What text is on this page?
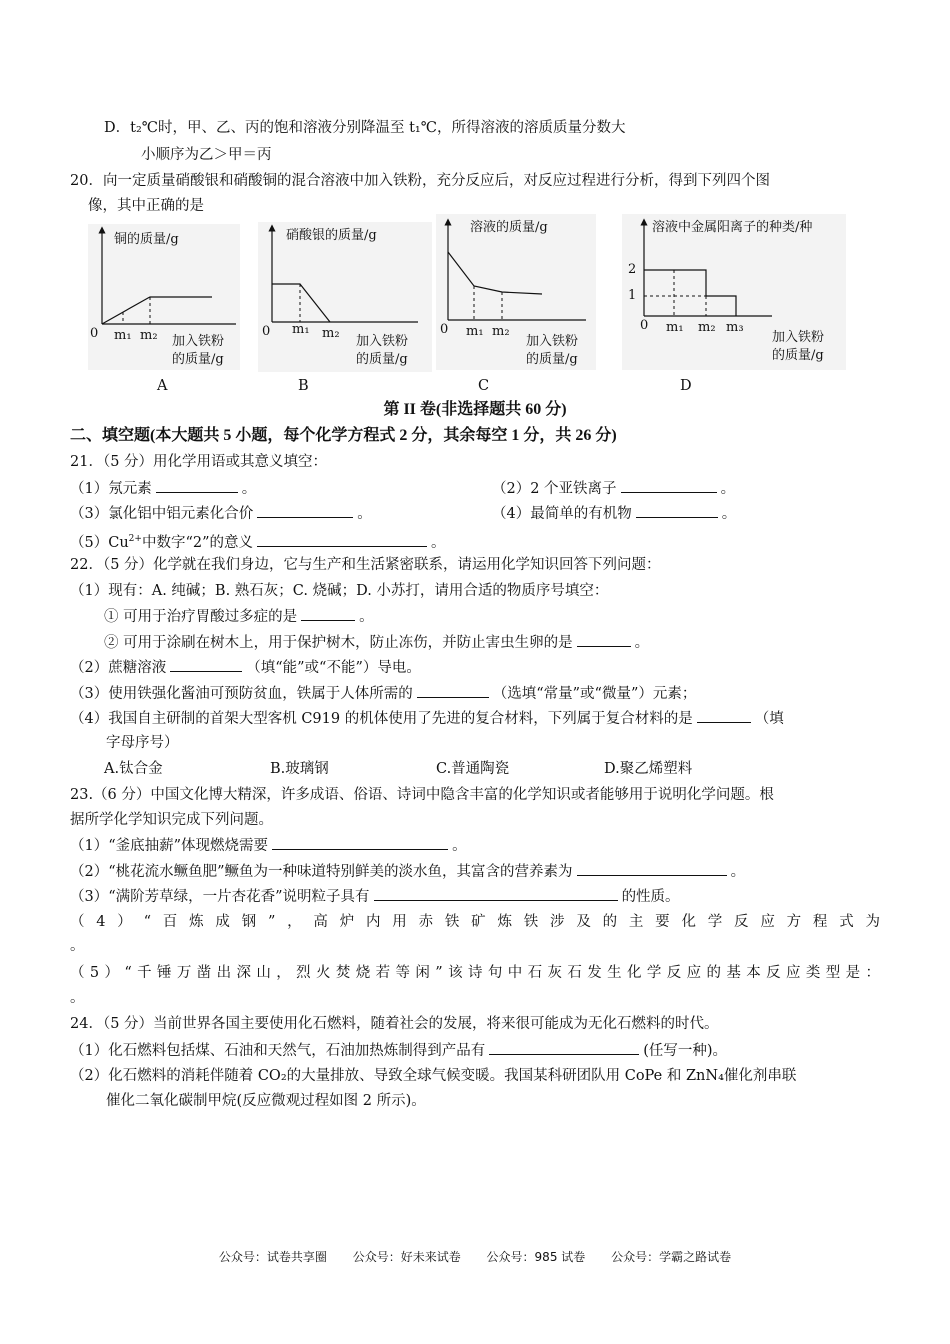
D．t₂℃时，甲、乙、丙的饱和溶液分别降温至 t₁℃，所得溶液的溶质质量分数大
小顺序为乙＞甲＝丙
20．向一定质量硝酸银和硝酸铜的混合溶液中加入铁粉，充分反应后，对反应过程进行分析，得到下列四个图
像，其中正确的是
铜的质量/g
0 m₁ m₂ 加入铁粉
的质量/g
A
硝酸银的质量/g
0 m₁ m₂
加入铁粉
的质量/g
B
溶液的质量/g
0 m₁ m₂
加入铁粉
的质量/g
C
溶液中金属阳离子的种类/种
2
1
0 m₁ m₂ m₃
加入铁粉
的质量/g
D
第 II 卷(非选择题共 60 分)
二、填空题(本大题共 5 小题，每个化学方程式 2 分，其余每空 1 分，共 26 分)
21．（5 分）用化学用语或其意义填空：
（1）氖元素	。	（2）2 个亚铁离子	。
（3）氯化铝中铝元素化合价	。	（4）最简单的有机物	。
$(5)Cu^{2+}$中数字“2”的意义	。
22．（5 分）化学就在我们身边，它与生产和生活紧密联系，请运用化学知识回答下列问题：
（1）现有：A. 纯碱；B. 熟石灰；C. 烧碱；D. 小苏打，请用合适的物质序号填空：
① 可用于治疗胃酸过多症的是	。
② 可用于涂刷在树木上，用于保护树木，防止冻伤，并防止害虫生卵的是	。
（2）蔗糖溶液	（填“能”或“不能”）导电。
（3）使用铁强化酱油可预防贫血，铁属于人体所需的	（选填“常量”或“微量”）元素；
（4）我国自主研制的首架大型客机 C919 的机体使用了先进的复合材料，下列属于复合材料的是	（填
字母序号）
A.钛合金	B.玻璃钢	C.普通陶瓷	D.聚乙烯塑料
23.（6 分）中国文化博大精深，许多成语、俗语、诗词中隐含丰富的化学知识或者能够用于说明化学问题。根
据所学化学知识完成下列问题。
（1）“釜底抽薪”体现燃烧需要	。
（2）“桃花流水鳜鱼肥”鳜鱼为一种味道特别鲜美的淡水鱼，其富含的营养素为	。
（3）“满阶芳草绿，一片杏花香”说明粒子具有	的性质。
（4）“百炼成钢”，高炉内用赤铁矿炼铁涉及的主要化学反应方程式为
。
（5）“千锤万凿出深山，烈火焚烧若等闲”该诗句中石灰石发生化学反应的基本反应类型是：
。
24．（5 分）当前世界各国主要使用化石燃料，随着社会的发展，将来很可能成为无化石燃料的时代。
（1）化石燃料包括煤、石油和天然气，石油加热炼制得到产品有	(任写一种)。
（2）化石燃料的消耗伴随着 CO₂的大量排放、导致全球气候变暖。我国某科研团队用 CoPe 和 ZnN₄催化剂串联
催化二氧化碳制甲烷(反应微观过程如图 2 所示)。
公众号：试卷共享圈 公众号：好未来试卷 公众号：985 试卷 公众号：学霸之路试卷
